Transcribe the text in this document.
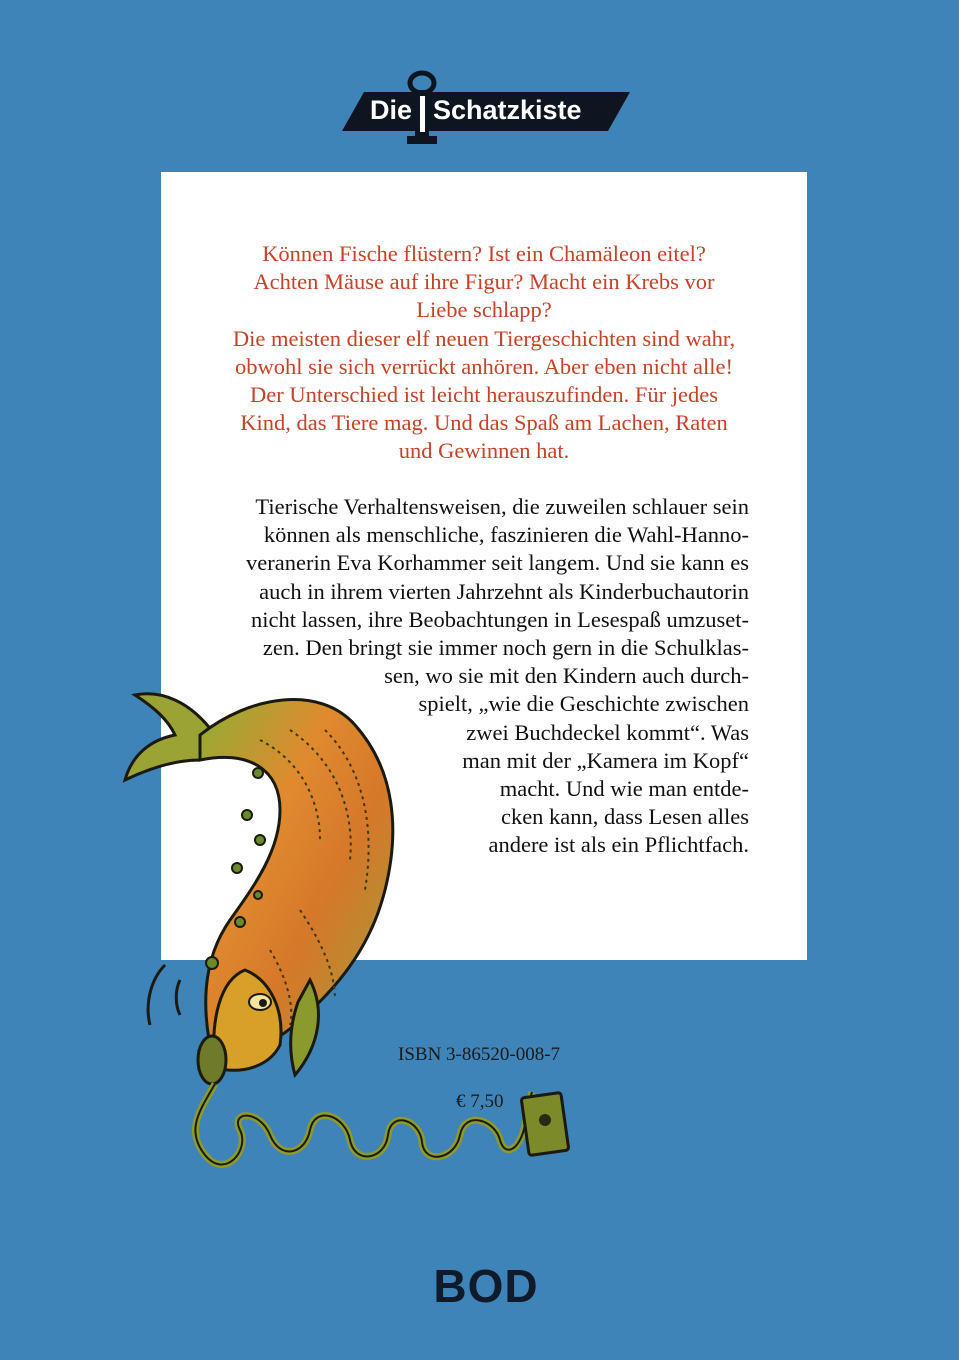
Die Schatzkiste
Können Fische flüstern? Ist ein Chamäleon eitel?
Achten Mäuse auf ihre Figur? Macht ein Krebs vor
Liebe schlapp?
Die meisten dieser elf neuen Tiergeschichten sind wahr,
obwohl sie sich verrückt anhören. Aber eben nicht alle!
Der Unterschied ist leicht herauszufinden. Für jedes
Kind, das Tiere mag. Und das Spaß am Lachen, Raten
und Gewinnen hat.
Tierische Verhaltensweisen, die zuweilen schlauer sein
können als menschliche, faszinieren die Wahl-Hanno-
veranerin Eva Korhammer seit langem. Und sie kann es
auch in ihrem vierten Jahrzehnt als Kinderbuchautorin
nicht lassen, ihre Beobachtungen in Lesespaß umzuset-
zen. Den bringt sie immer noch gern in die Schulklas-
sen, wo sie mit den Kindern auch durch-
spielt, „wie die Geschichte zwischen
zwei Buchdeckel kommt“. Was
man mit der „Kamera im Kopf“
macht. Und wie man entde-
cken kann, dass Lesen alles
andere ist als ein Pflichtfach.
ISBN 3-86520-008-7
€ 7,50
BOD
